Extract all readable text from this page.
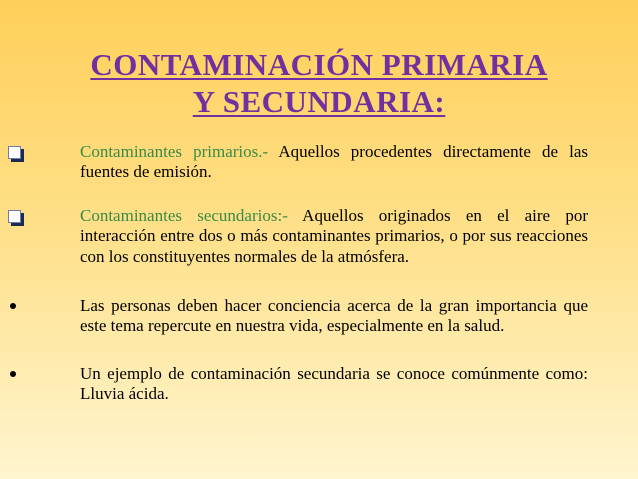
CONTAMINACIÓN PRIMARIA
Y SECUNDARIA:
Contaminantes primarios.- Aquellos procedentes directamente de las fuentes de emisión.
Contaminantes secundarios:- Aquellos originados en el aire por interacción entre dos o más contaminantes primarios, o por sus reacciones con los constituyentes normales de la atmósfera.
Las personas deben hacer conciencia acerca de la gran importancia que este tema repercute en nuestra vida, especialmente en la salud.
Un ejemplo de contaminación secundaria se conoce comúnmente como: Lluvia ácida.
